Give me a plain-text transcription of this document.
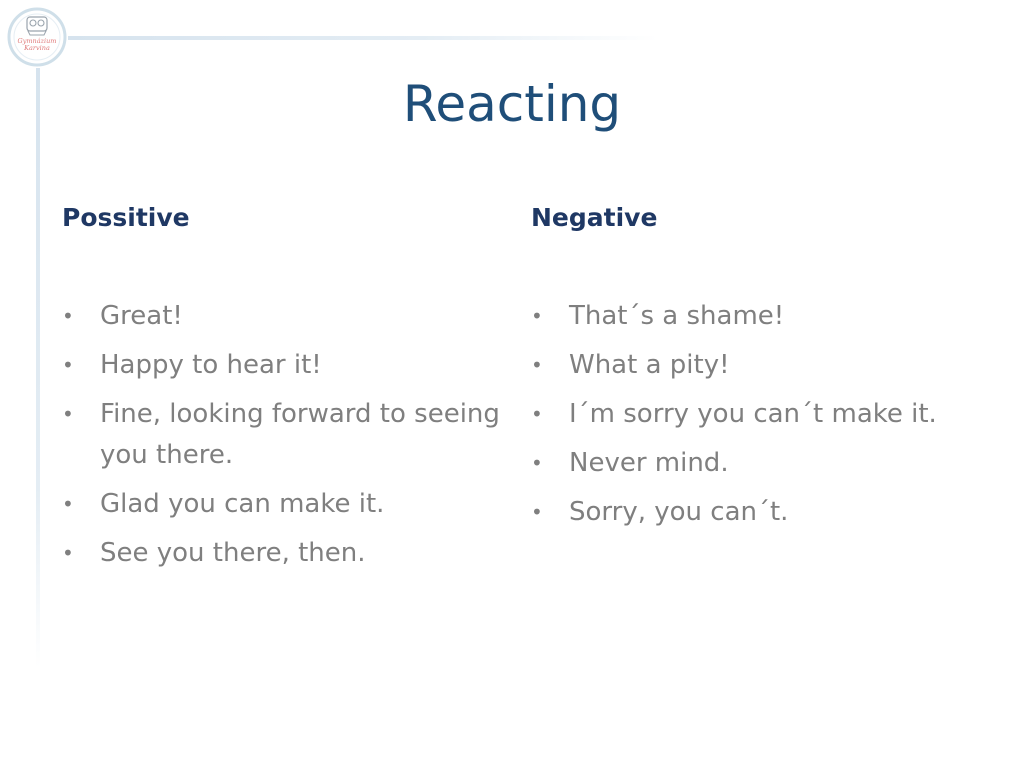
Gymnázium
Karvina
Reacting
Possitive
• Great!
• Happy to hear it!
• Fine, looking forward to seeing you there.
• Glad you can make it.
• See you there, then.
Negative
• That´s a shame!
• What a pity!
• I´m sorry you can´t make it.
• Never mind.
• Sorry, you can´t.
